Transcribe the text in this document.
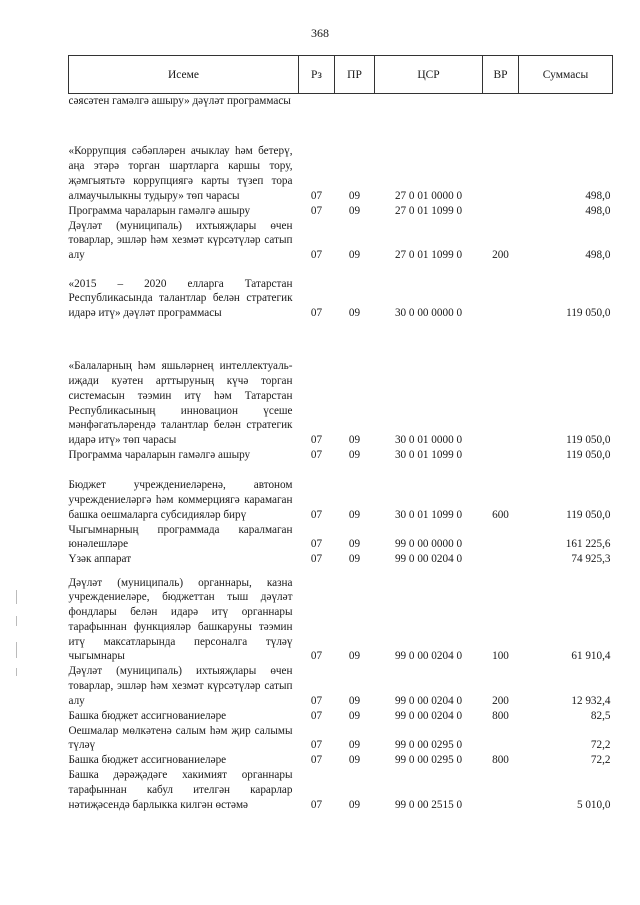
368
Исеме	Рз	ПР	ЦСР	ВР	Суммасы
сәясәтен гамәлгә ашыру» дәүләт программасы					
«Коррупция сәбәпләрен ачыклау һәм бетерү, аңа этәрә торган шартларга каршы тору, җәмгыятьтә коррупциягә карты түзеп тора алмаучылыкны тудыру» төп чарасы	07	09	27 0 01 0000 0		498,0
Программа чараларын гамәлгә ашыру	07	09	27 0 01 1099 0		498,0
Дәүләт (муниципаль) ихтыяҗлары өчен товарлар, эшләр һәм хезмәт күрсәтүләр сатып алу	07	09	27 0 01 1099 0	200	498,0
«2015 – 2020 елларга Татарстан Республикасында талантлар белән стратегик идарә итү» дәүләт программасы	07	09	30 0 00 0000 0		119 050,0
«Балаларның һәм яшьләрнең интеллектуаль-иҗади куәтен арттыруның күчә торган системасын тәэмин итү һәм Татарстан Республикасының инновацион үсеше мәнфәгатьләрендә талантлар белән стратегик идарә итү» төп чарасы	07	09	30 0 01 0000 0		119 050,0
Программа чараларын гамәлгә ашыру	07	09	30 0 01 1099 0		119 050,0
Бюджет учреждениеләренә, автоном учреждениеләргә һәм коммерциягә карамаган башка оешмаларга субсидияләр бирү	07	09	30 0 01 1099 0	600	119 050,0
Чыгымнарның программада каралмаган юнәлешләре	07	09	99 0 00 0000 0		161 225,6
Үзәк аппарат	07	09	99 0 00 0204 0		74 925,3
Дәүләт (муниципаль) органнары, казна учреждениеләре, бюджеттан тыш дәүләт фондлары белән идарә итү органнары тарафыннан функцияләр башкаруны тәэмин итү максатларында персоналга түләү чыгымнары	07	09	99 0 00 0204 0	100	61 910,4
Дәүләт (муниципаль) ихтыяҗлары өчен товарлар, эшләр һәм хезмәт күрсәтүләр сатып алу	07	09	99 0 00 0204 0	200	12 932,4
Башка бюджет ассигнованиеләре	07	09	99 0 00 0204 0	800	82,5
Оешмалар мөлкәтенә салым һәм җир салымы түләү	07	09	99 0 00 0295 0		72,2
Башка бюджет ассигнованиеләре	07	09	99 0 00 0295 0	800	72,2
Башка дәрәҗәдәге хакимият органнары тарафыннан кабул ителгән карарлар нәтиҗәсендә барлыкка килгән өстәмә	07	09	99 0 00 2515 0		5 010,0
